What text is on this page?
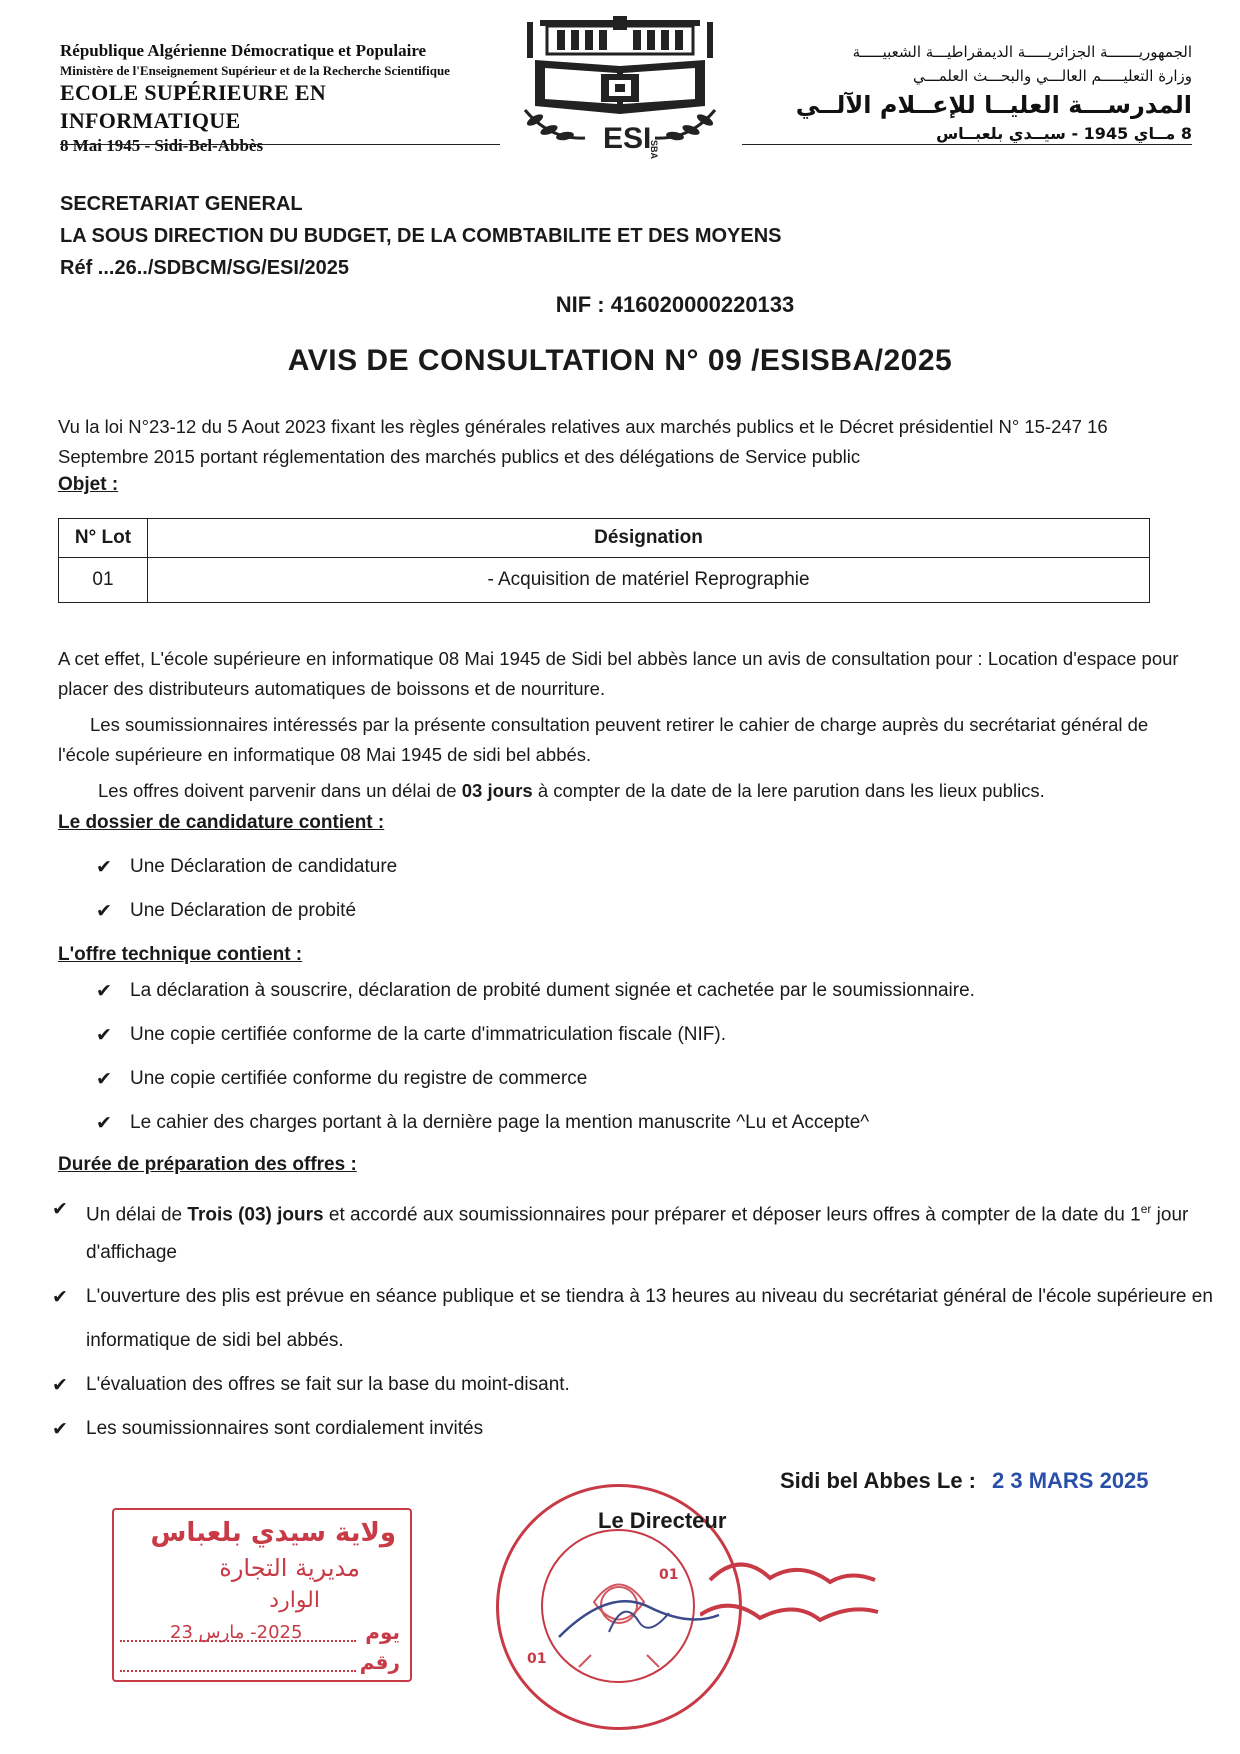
République Algérienne Démocratique et Populaire
Ministère de l'Enseignement Supérieur et de la Recherche Scientifique
ECOLE SUPÉRIEURE EN INFORMATIQUE
8 Mai 1945 - Sidi-Bel-Abbès
الجمهوريـــــــة الجزائريـــــة الديمقراطيـــة الشعبيـــــة
وزارة التعليـــــم العالـــي والبحـــث العلمـــي
المدرســـة العليــا للإعــلام الآلــي
8 مــاي 1945 - سيــدي بلعبــاس
ESI
SBA
SECRETARIAT GENERAL
LA SOUS DIRECTION DU BUDGET, DE LA COMBTABILITE ET DES MOYENS
Réf ...26../SDBCM/SG/ESI/2025
NIF : 416020000220133
AVIS DE CONSULTATION N° 09 /ESISBA/2025
Vu la loi N°23-12 du 5 Aout 2023 fixant les règles générales relatives aux marchés publics et le Décret présidentiel N° 15-247 16 Septembre 2015 portant réglementation des marchés publics et des délégations de Service public
Objet :
N° Lot	Désignation
01	- Acquisition de matériel Reprographie
A cet effet, L'école supérieure en informatique 08 Mai 1945 de Sidi bel abbès lance un avis de consultation pour : Location d'espace pour placer des distributeurs automatiques de boissons et de nourriture.
Les soumissionnaires intéressés par la présente consultation peuvent retirer le cahier de charge auprès du secrétariat général de l'école supérieure en informatique 08 Mai 1945 de sidi bel abbés.
Les offres doivent parvenir dans un délai de 03 jours à compter de la date de la lere parution dans les lieux publics.
Le dossier de candidature contient :
✔ Une Déclaration de candidature
✔ Une Déclaration de probité
L'offre technique contient :
✔ La déclaration à souscrire, déclaration de probité dument signée et cachetée par le soumissionnaire.
✔ Une copie certifiée conforme de la carte d'immatriculation fiscale (NIF).
✔ Une copie certifiée conforme du registre de commerce
✔ Le cahier des charges portant à la dernière page la mention manuscrite ^Lu et Accepte^
Durée de préparation des offres :
✔ Un délai de Trois (03) jours et accordé aux soumissionnaires pour préparer et déposer leurs offres à compter de la date du 1er jour
d'affichage
✔ L'ouverture des plis est prévue en séance publique et se tiendra à 13 heures au niveau du secrétariat général de l'école supérieure en
informatique de sidi bel abbés.
✔ L'évaluation des offres se fait sur la base du moint-disant.
✔ Les soumissionnaires sont cordialement invités
Sidi bel Abbes Le : 2 3 MARS 2025
01
01
Le Directeur
ولاية سيدي بلعباس
مديرية التجارة
الوارد
يوم
2025- مارس 23
رقم
